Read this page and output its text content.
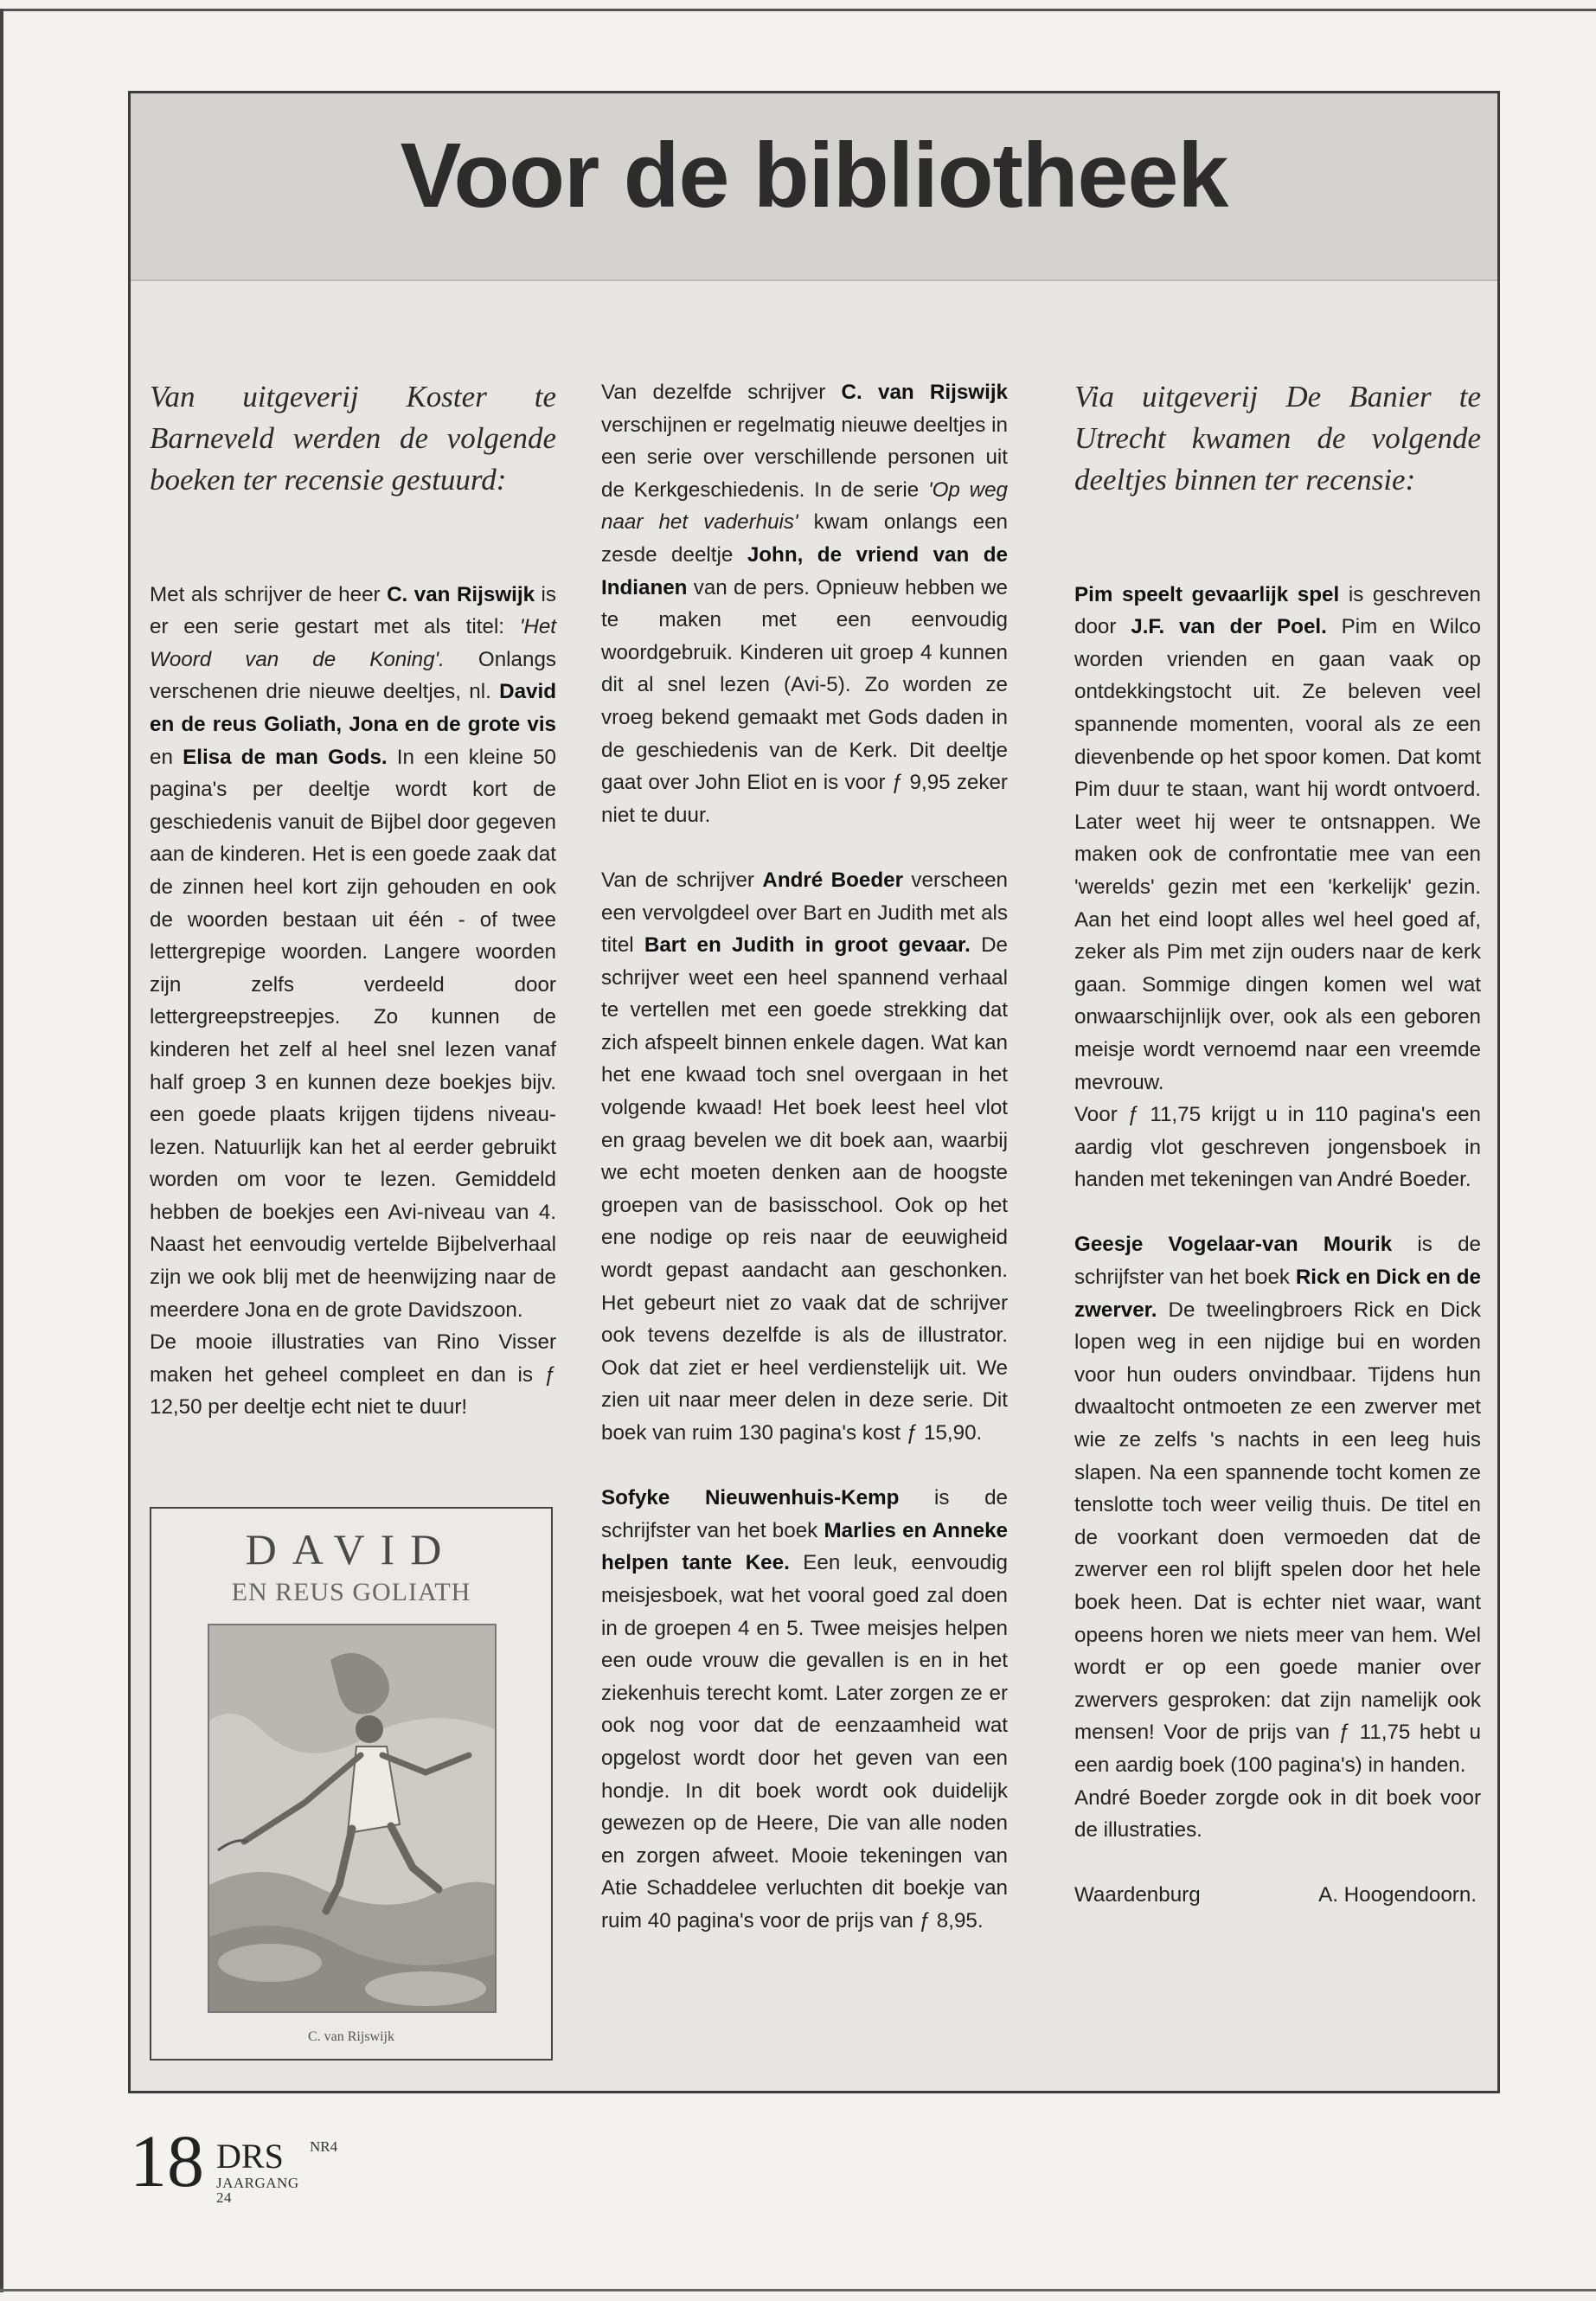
Voor de bibliotheek

Van uitgeverij Koster te Barneveld werden de volgende boeken ter recensie gestuurd:

Met als schrijver de heer C. van Rijswijk is er een serie gestart met als titel: 'Het Woord van de Koning'. Onlangs verschenen drie nieuwe deeltjes, nl. David en de reus Goliath, Jona en de grote vis en Elisa de man Gods. In een kleine 50 pagina's per deeltje wordt kort de geschiedenis vanuit de Bijbel door gegeven aan de kinderen. Het is een goede zaak dat de zinnen heel kort zijn gehouden en ook de woorden bestaan uit één - of twee lettergrepige woorden. Langere woorden zijn zelfs verdeeld door lettergreepstreepjes. Zo kunnen de kinderen het zelf al heel snel lezen vanaf half groep 3 en kunnen deze boekjes bijv. een goede plaats krijgen tijdens niveau-lezen. Natuurlijk kan het al eerder gebruikt worden om voor te lezen. Gemiddeld hebben de boekjes een Avi-niveau van 4. Naast het eenvoudig vertelde Bijbelverhaal zijn we ook blij met de heenwijzing naar de meerdere Jona en de grote Davidszoon.

De mooie illustraties van Rino Visser maken het geheel compleet en dan is ƒ 12,50 per deeltje echt niet te duur!

DAVID
EN REUS GOLIATH
C. van Rijswijk

Van dezelfde schrijver C. van Rijswijk verschijnen er regelmatig nieuwe deeltjes in een serie over verschillende personen uit de Kerkgeschiedenis. In de serie 'Op weg naar het vaderhuis' kwam onlangs een zesde deeltje John, de vriend van de Indianen van de pers. Opnieuw hebben we te maken met een eenvoudig woordgebruik. Kinderen uit groep 4 kunnen dit al snel lezen (Avi-5). Zo worden ze vroeg bekend gemaakt met Gods daden in de geschiedenis van de Kerk. Dit deeltje gaat over John Eliot en is voor ƒ 9,95 zeker niet te duur.

Van de schrijver André Boeder verscheen een vervolgdeel over Bart en Judith met als titel Bart en Judith in groot gevaar. De schrijver weet een heel spannend verhaal te vertellen met een goede strekking dat zich afspeelt binnen enkele dagen. Wat kan het ene kwaad toch snel overgaan in het volgende kwaad! Het boek leest heel vlot en graag bevelen we dit boek aan, waarbij we echt moeten denken aan de hoogste groepen van de basisschool. Ook op het ene nodige op reis naar de eeuwigheid wordt gepast aandacht aan geschonken. Het gebeurt niet zo vaak dat de schrijver ook tevens dezelfde is als de illustrator. Ook dat ziet er heel verdienstelijk uit. We zien uit naar meer delen in deze serie. Dit boek van ruim 130 pagina's kost ƒ 15,90.

Sofyke Nieuwenhuis-Kemp is de schrijfster van het boek Marlies en Anneke helpen tante Kee. Een leuk, eenvoudig meisjesboek, wat het vooral goed zal doen in de groepen 4 en 5. Twee meisjes helpen een oude vrouw die gevallen is en in het ziekenhuis terecht komt. Later zorgen ze er ook nog voor dat de eenzaamheid wat opgelost wordt door het geven van een hondje. In dit boek wordt ook duidelijk gewezen op de Heere, Die van alle noden en zorgen afweet. Mooie tekeningen van Atie Schaddelee verluchten dit boekje van ruim 40 pagina's voor de prijs van ƒ 8,95.

Via uitgeverij De Banier te Utrecht kwamen de volgende deeltjes binnen ter recensie:

Pim speelt gevaarlijk spel is geschreven door J.F. van der Poel. Pim en Wilco worden vrienden en gaan vaak op ontdekkingstocht uit. Ze beleven veel spannende momenten, vooral als ze een dievenbende op het spoor komen. Dat komt Pim duur te staan, want hij wordt ontvoerd. Later weet hij weer te ontsnappen. We maken ook de confrontatie mee van een 'werelds' gezin met een 'kerkelijk' gezin. Aan het eind loopt alles wel heel goed af, zeker als Pim met zijn ouders naar de kerk gaan. Sommige dingen komen wel wat onwaarschijnlijk over, ook als een geboren meisje wordt vernoemd naar een vreemde mevrouw.

Voor ƒ 11,75 krijgt u in 110 pagina's een aardig vlot geschreven jongensboek in handen met tekeningen van André Boeder.

Geesje Vogelaar-van Mourik is de schrijfster van het boek Rick en Dick en de zwerver. De tweelingbroers Rick en Dick lopen weg in een nijdige bui en worden voor hun ouders onvindbaar. Tijdens hun dwaaltocht ontmoeten ze een zwerver met wie ze zelfs 's nachts in een leeg huis slapen. Na een spannende tocht komen ze tenslotte toch weer veilig thuis. De titel en de voorkant doen vermoeden dat de zwerver een rol blijft spelen door het hele boek heen. Dat is echter niet waar, want opeens horen we niets meer van hem. Wel wordt er op een goede manier over zwervers gesproken: dat zijn namelijk ook mensen! Voor de prijs van ƒ 11,75 hebt u een aardig boek (100 pagina's) in handen.

André Boeder zorgde ook in dit boek voor de illustraties.

Waardenburg	A. Hoogendoorn.
18 DRS NR4
JAARGANG 24
